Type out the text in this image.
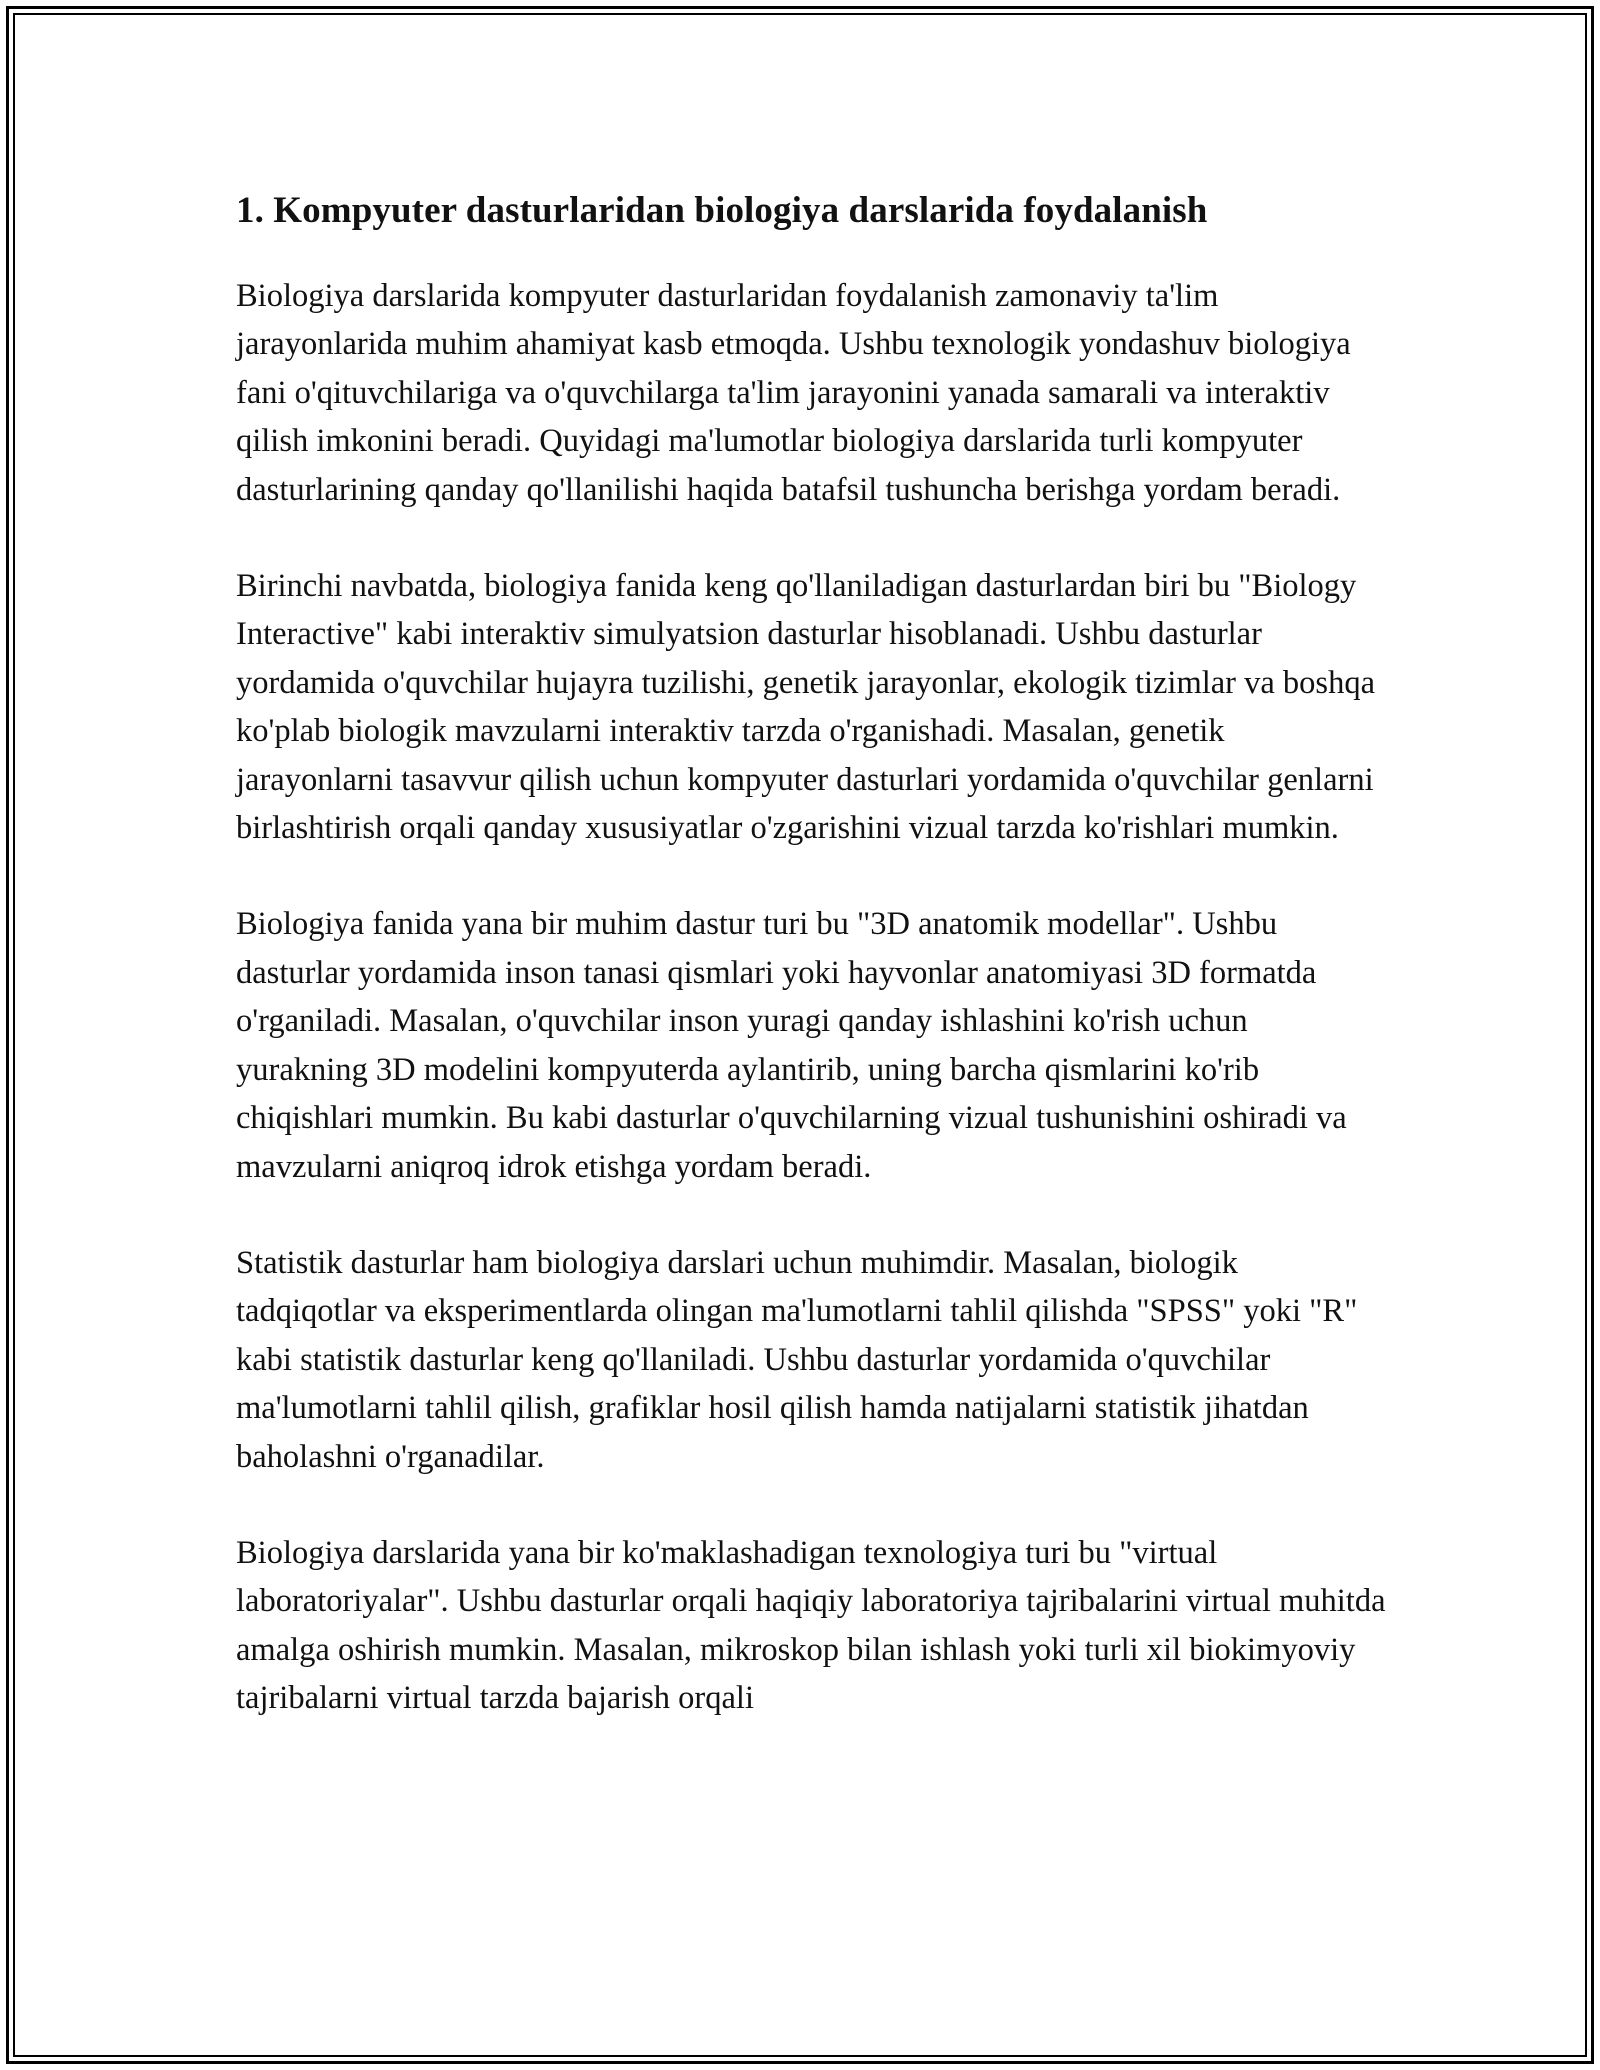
1. Kompyuter dasturlaridan biologiya darslarida foydalanish

Biologiya darslarida kompyuter dasturlaridan foydalanish zamonaviy ta'lim jarayonlarida muhim ahamiyat kasb etmoqda. Ushbu texnologik yondashuv biologiya fani o'qituvchilariga va o'quvchilarga ta'lim jarayonini yanada samarali va interaktiv qilish imkonini beradi. Quyidagi ma'lumotlar biologiya darslarida turli kompyuter dasturlarining qanday qo'llanilishi haqida batafsil tushuncha berishga yordam beradi.

Birinchi navbatda, biologiya fanida keng qo'llaniladigan dasturlardan biri bu "Biology Interactive" kabi interaktiv simulyatsion dasturlar hisoblanadi. Ushbu dasturlar yordamida o'quvchilar hujayra tuzilishi, genetik jarayonlar, ekologik tizimlar va boshqa ko'plab biologik mavzularni interaktiv tarzda o'rganishadi. Masalan, genetik jarayonlarni tasavvur qilish uchun kompyuter dasturlari yordamida o'quvchilar genlarni birlashtirish orqali qanday xususiyatlar o'zgarishini vizual tarzda ko'rishlari mumkin.

Biologiya fanida yana bir muhim dastur turi bu "3D anatomik modellar". Ushbu dasturlar yordamida inson tanasi qismlari yoki hayvonlar anatomiyasi 3D formatda o'rganiladi. Masalan, o'quvchilar inson yuragi qanday ishlashini ko'rish uchun yurakning 3D modelini kompyuterda aylantirib, uning barcha qismlarini ko'rib chiqishlari mumkin. Bu kabi dasturlar o'quvchilarning vizual tushunishini oshiradi va mavzularni aniqroq idrok etishga yordam beradi.

Statistik dasturlar ham biologiya darslari uchun muhimdir. Masalan, biologik tadqiqotlar va eksperimentlarda olingan ma'lumotlarni tahlil qilishda "SPSS" yoki "R" kabi statistik dasturlar keng qo'llaniladi. Ushbu dasturlar yordamida o'quvchilar ma'lumotlarni tahlil qilish, grafiklar hosil qilish hamda natijalarni statistik jihatdan baholashni o'rganadilar.

Biologiya darslarida yana bir ko'maklashadigan texnologiya turi bu "virtual laboratoriyalar". Ushbu dasturlar orqali haqiqiy laboratoriya tajribalarini virtual muhitda amalga oshirish mumkin. Masalan, mikroskop bilan ishlash yoki turli xil biokimyoviy tajribalarni virtual tarzda bajarish orqali
